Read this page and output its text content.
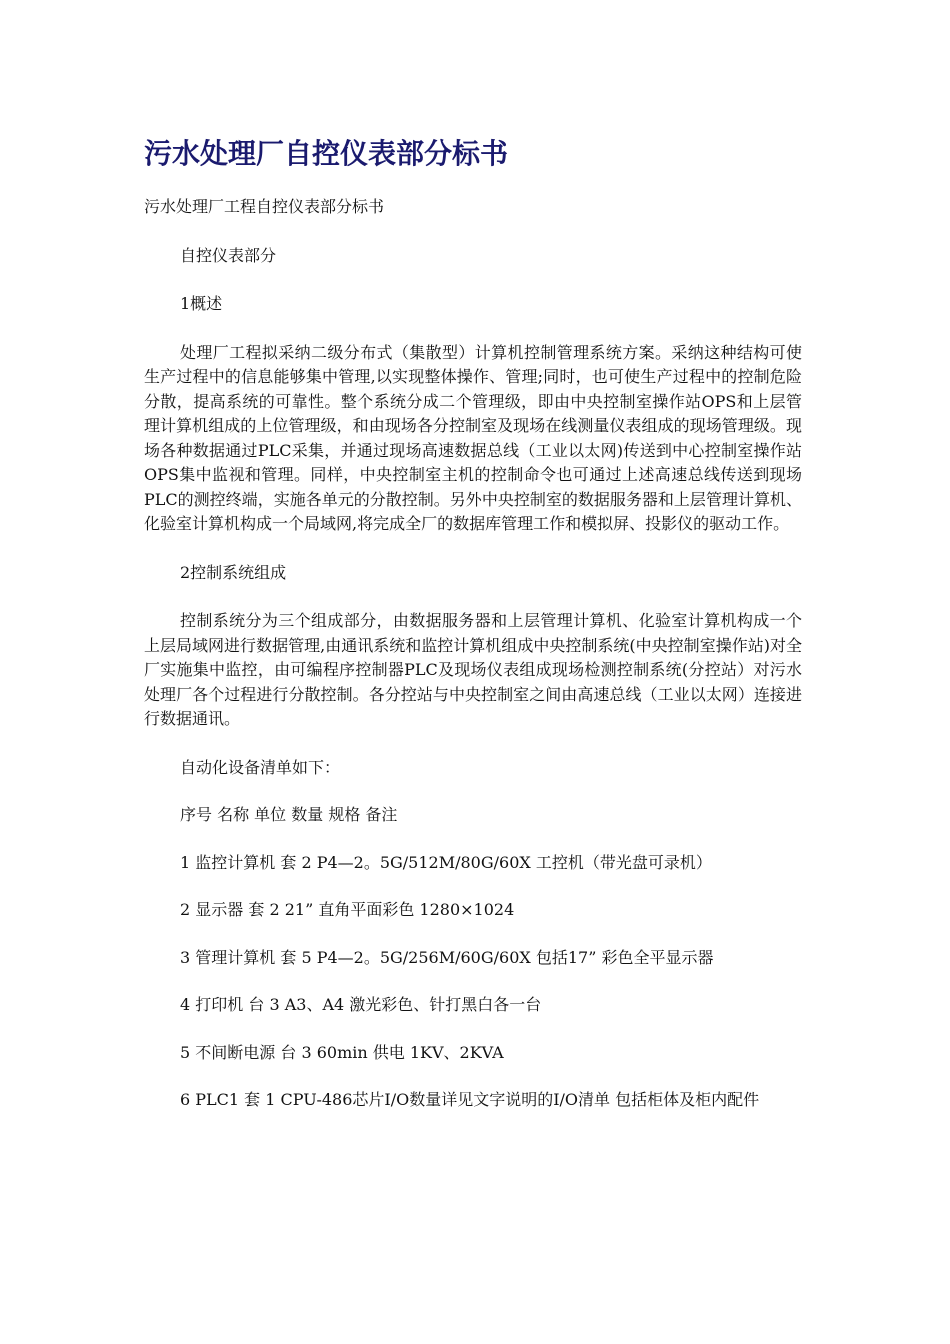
污水处理厂自控仪表部分标书

污水处理厂工程自控仪表部分标书

自控仪表部分

1概述

处理厂工程拟采纳二级分布式（集散型）计算机控制管理系统方案。采纳这种结构可使生产过程中的信息能够集中管理,以实现整体操作、管理;同时，也可使生产过程中的控制危险分散，提高系统的可靠性。整个系统分成二个管理级，即由中央控制室操作站OPS和上层管理计算机组成的上位管理级，和由现场各分控制室及现场在线测量仪表组成的现场管理级。现场各种数据通过PLC采集，并通过现场高速数据总线（工业以太网)传送到中心控制室操作站OPS集中监视和管理。同样，中央控制室主机的控制命令也可通过上述高速总线传送到现场PLC的测控终端，实施各单元的分散控制。另外中央控制室的数据服务器和上层管理计算机、化验室计算机构成一个局域网,将完成全厂的数据库管理工作和模拟屏、投影仪的驱动工作。

2控制系统组成

控制系统分为三个组成部分，由数据服务器和上层管理计算机、化验室计算机构成一个上层局域网进行数据管理,由通讯系统和监控计算机组成中央控制系统(中央控制室操作站)对全厂实施集中监控，由可编程序控制器PLC及现场仪表组成现场检测控制系统(分控站）对污水处理厂各个过程进行分散控制。各分控站与中央控制室之间由高速总线（工业以太网）连接进行数据通讯。

自动化设备清单如下：

序号 名称 单位 数量 规格 备注

1 监控计算机 套 2 P4—2。5G/512M/80G/60X 工控机（带光盘可录机）

2 显示器 套 2 21” 直角平面彩色 1280×1024

3 管理计算机 套 5 P4—2。5G/256M/60G/60X 包括17” 彩色全平显示器

4 打印机 台 3 A3、A4 激光彩色、针打黑白各一台

5 不间断电源 台 3 60min 供电 1KV、2KVA

6 PLC1 套 1 CPU-486芯片I/O数量详见文字说明的I/O清单 包括柜体及柜内配件
